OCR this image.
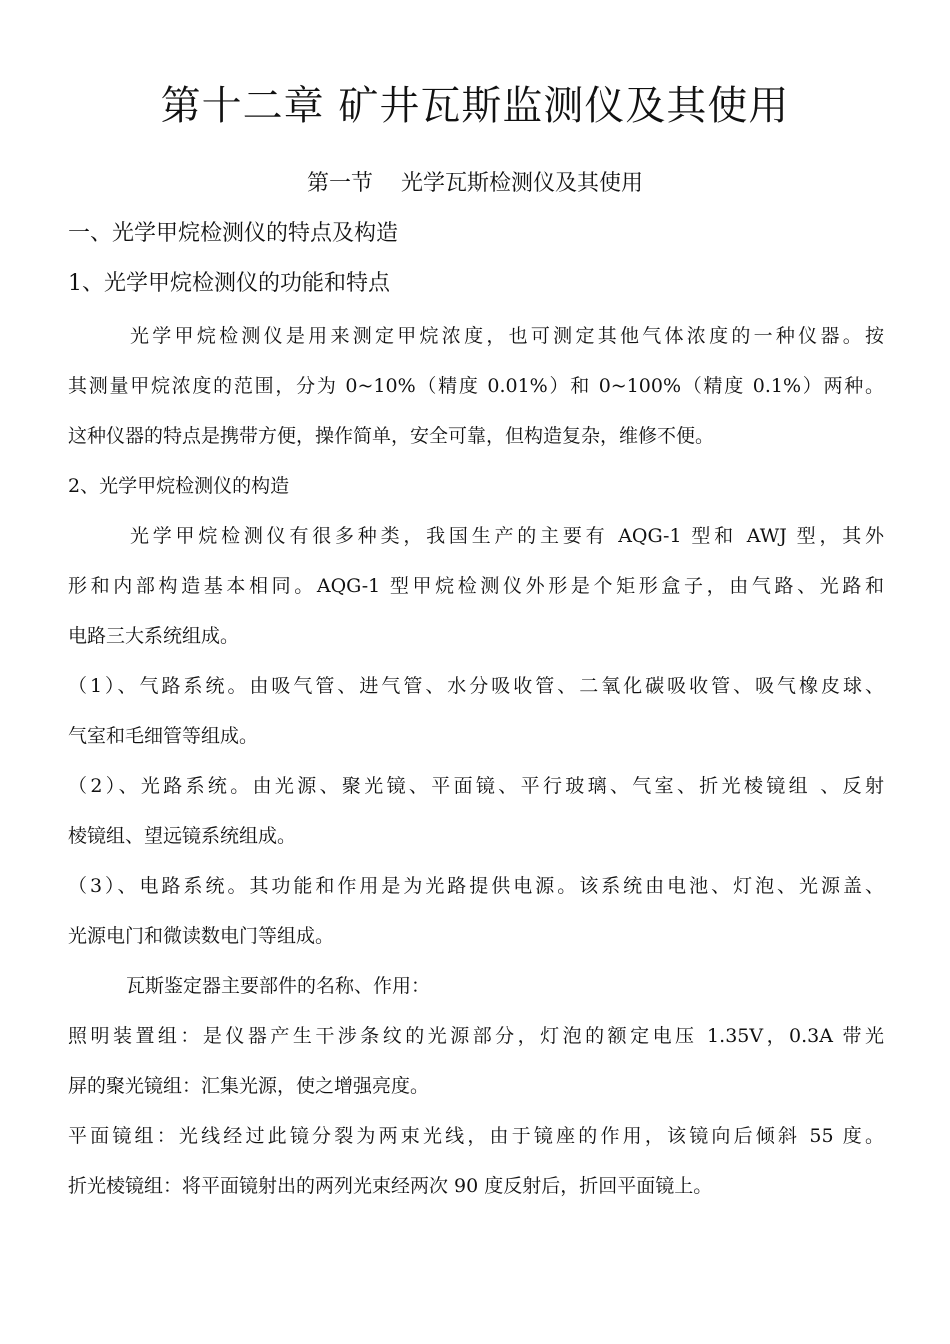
第十二章 矿井瓦斯监测仪及其使用
第一节    光学瓦斯检测仪及其使用
一、光学甲烷检测仪的特点及构造
1、光学甲烷检测仪的功能和特点

光学甲烷检测仪是用来测定甲烷浓度，也可测定其他气体浓度的一种仪器。按

其测量甲烷浓度的范围，分为 0~10%（精度 0.01%）和 0~100%（精度 0.1%）两种。

这种仪器的特点是携带方便，操作简单，安全可靠，但构造复杂，维修不便。

2、光学甲烷检测仪的构造

光学甲烷检测仪有很多种类，我国生产的主要有 AQG-1 型和 AWJ 型，其外

形和内部构造基本相同。AQG-1 型甲烷检测仪外形是个矩形盒子，由气路、光路和

电路三大系统组成。

（1）、气路系统。由吸气管、进气管、水分吸收管、二氧化碳吸收管、吸气橡皮球、

气室和毛细管等组成。

（2）、光路系统。由光源、聚光镜、平面镜、平行玻璃、气室、折光棱镜组 、反射

棱镜组、望远镜系统组成。

（3）、电路系统。其功能和作用是为光路提供电源。该系统由电池、灯泡、光源盖、

光源电门和微读数电门等组成。

瓦斯鉴定器主要部件的名称、作用：

照明装置组：是仪器产生干涉条纹的光源部分，灯泡的额定电压 1.35V，0.3A 带光

屏的聚光镜组：汇集光源，使之增强亮度。

平面镜组：光线经过此镜分裂为两束光线，由于镜座的作用，该镜向后倾斜 55 度。

折光棱镜组：将平面镜射出的两列光束经两次 90 度反射后，折回平面镜上。
